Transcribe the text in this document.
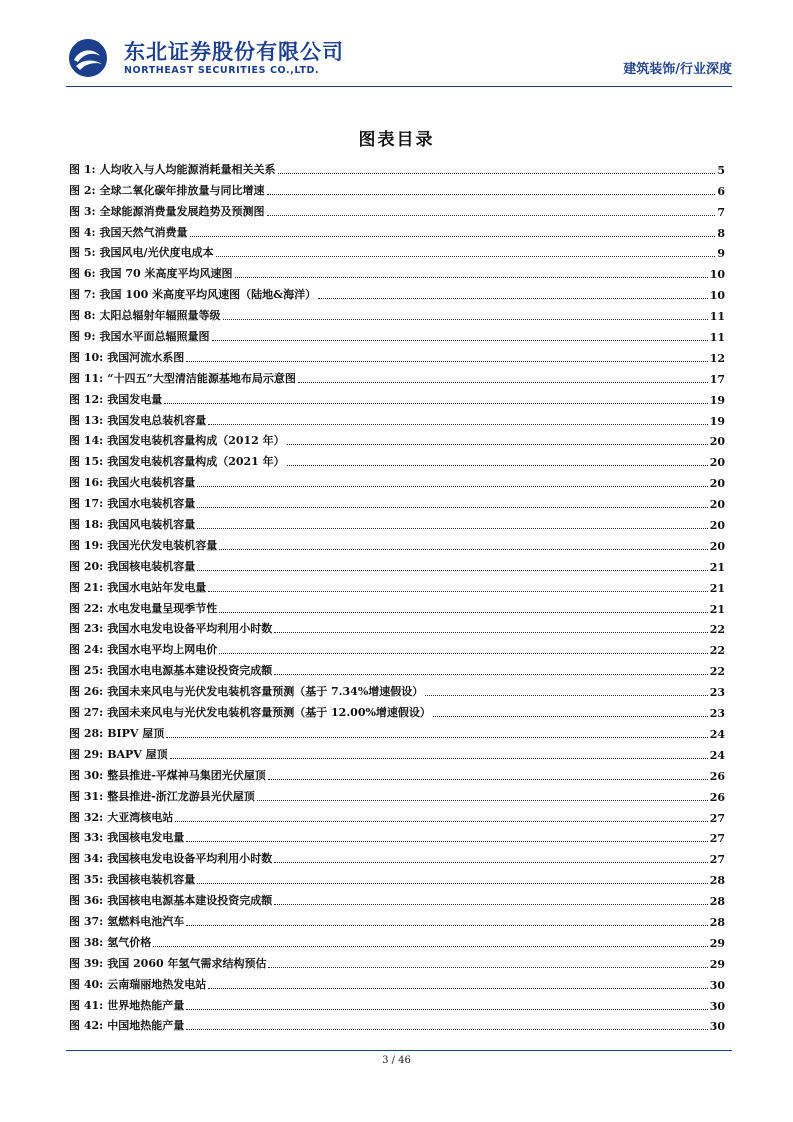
东北证券股份有限公司
NORTHEAST SECURITIES CO.,LTD.	建筑装饰/行业深度
图表目录
图 1: 人均收入与人均能源消耗量相关关系	5
图 2: 全球二氧化碳年排放量与同比增速	6
图 3: 全球能源消费量发展趋势及预测图	7
图 4: 我国天然气消费量	8
图 5: 我国风电/光伏度电成本	9
图 6: 我国 70 米高度平均风速图	10
图 7: 我国 100 米高度平均风速图（陆地&海洋）	10
图 8: 太阳总辐射年辐照量等级	11
图 9: 我国水平面总辐照量图	11
图 10: 我国河流水系图	12
图 11: “十四五”大型清洁能源基地布局示意图	17
图 12: 我国发电量	19
图 13: 我国发电总装机容量	19
图 14: 我国发电装机容量构成（2012 年）	20
图 15: 我国发电装机容量构成（2021 年）	20
图 16: 我国火电装机容量	20
图 17: 我国水电装机容量	20
图 18: 我国风电装机容量	20
图 19: 我国光伏发电装机容量	20
图 20: 我国核电装机容量	21
图 21: 我国水电站年发电量	21
图 22: 水电发电量呈现季节性	21
图 23: 我国水电发电设备平均利用小时数	22
图 24: 我国水电平均上网电价	22
图 25: 我国水电电源基本建设投资完成额	22
图 26: 我国未来风电与光伏发电装机容量预测（基于 7.34%增速假设）	23
图 27: 我国未来风电与光伏发电装机容量预测（基于 12.00%增速假设）	23
图 28: BIPV 屋顶	24
图 29: BAPV 屋顶	24
图 30: 整县推进-平煤神马集团光伏屋顶	26
图 31: 整县推进-浙江龙游县光伏屋顶	26
图 32: 大亚湾核电站	27
图 33: 我国核电发电量	27
图 34: 我国核电发电设备平均利用小时数	27
图 35: 我国核电装机容量	28
图 36: 我国核电电源基本建设投资完成额	28
图 37: 氢燃料电池汽车	28
图 38: 氢气价格	29
图 39: 我国 2060 年氢气需求结构预估	29
图 40: 云南瑞丽地热发电站	30
图 41: 世界地热能产量	30
图 42: 中国地热能产量	30
3 / 46
